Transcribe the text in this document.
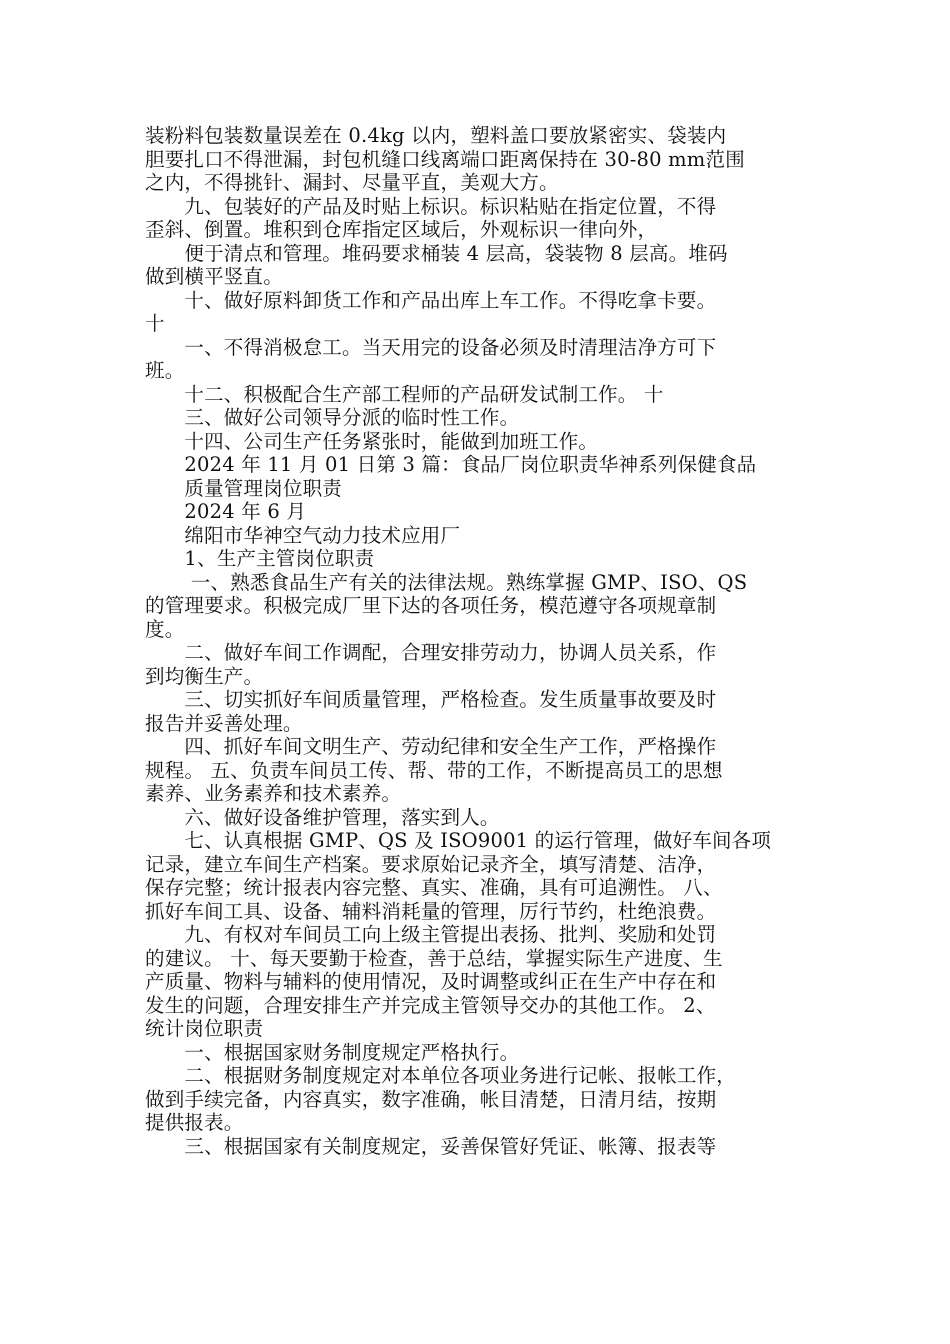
装粉料包装数量误差在 0.4kg 以内，塑料盖口要放紧密实、袋装内
胆要扎口不得泄漏，封包机缝口线离端口距离保持在 30-80 mm范围
之内，不得挑针、漏封、尽量平直，美观大方。
　　九、包装好的产品及时贴上标识。标识粘贴在指定位置，不得
歪斜、倒置。堆积到仓库指定区域后，外观标识一律向外，
　　便于清点和管理。堆码要求桶装 4 层高，袋装物 8 层高。堆码
做到横平竖直。
　　十、做好原料卸货工作和产品出库上车工作。不得吃拿卡要。
十
　　一、不得消极怠工。当天用完的设备必须及时清理洁净方可下
班。
　　十二、积极配合生产部工程师的产品研发试制工作。 十
　　三、做好公司领导分派的临时性工作。
　　十四、公司生产任务紧张时，能做到加班工作。
　　2024 年 11 月 01 日第 3 篇：食品厂岗位职责华神系列保健食品
　　质量管理岗位职责
　　2024 年 6 月
　　绵阳市华神空气动力技术应用厂
　　1、生产主管岗位职责
　　 一、熟悉食品生产有关的法律法规。熟练掌握 GMP、ISO、QS
的管理要求。积极完成厂里下达的各项任务，模范遵守各项规章制
度。
　　二、做好车间工作调配，合理安排劳动力，协调人员关系，作
到均衡生产。
　　三、切实抓好车间质量管理，严格检查。发生质量事故要及时
报告并妥善处理。
　　四、抓好车间文明生产、劳动纪律和安全生产工作，严格操作
规程。 五、负责车间员工传、帮、带的工作，不断提高员工的思想
素养、业务素养和技术素养。
　　六、做好设备维护管理，落实到人。
　　七、认真根据 GMP、QS 及 ISO9001 的运行管理，做好车间各项
记录，建立车间生产档案。要求原始记录齐全，填写清楚、洁净，
保存完整；统计报表内容完整、真实、准确，具有可追溯性。 八、
抓好车间工具、设备、辅料消耗量的管理，厉行节约，杜绝浪费。
　　九、有权对车间员工向上级主管提出表扬、批判、奖励和处罚
的建议。 十、每天要勤于检查，善于总结，掌握实际生产进度、生
产质量、物料与辅料的使用情况，及时调整或纠正在生产中存在和
发生的问题，合理安排生产并完成主管领导交办的其他工作。 2、
统计岗位职责
　　一、根据国家财务制度规定严格执行。
　　二、根据财务制度规定对本单位各项业务进行记帐、报帐工作，
做到手续完备，内容真实，数字准确，帐目清楚，日清月结，按期
提供报表。
　　三、根据国家有关制度规定，妥善保管好凭证、帐簿、报表等
